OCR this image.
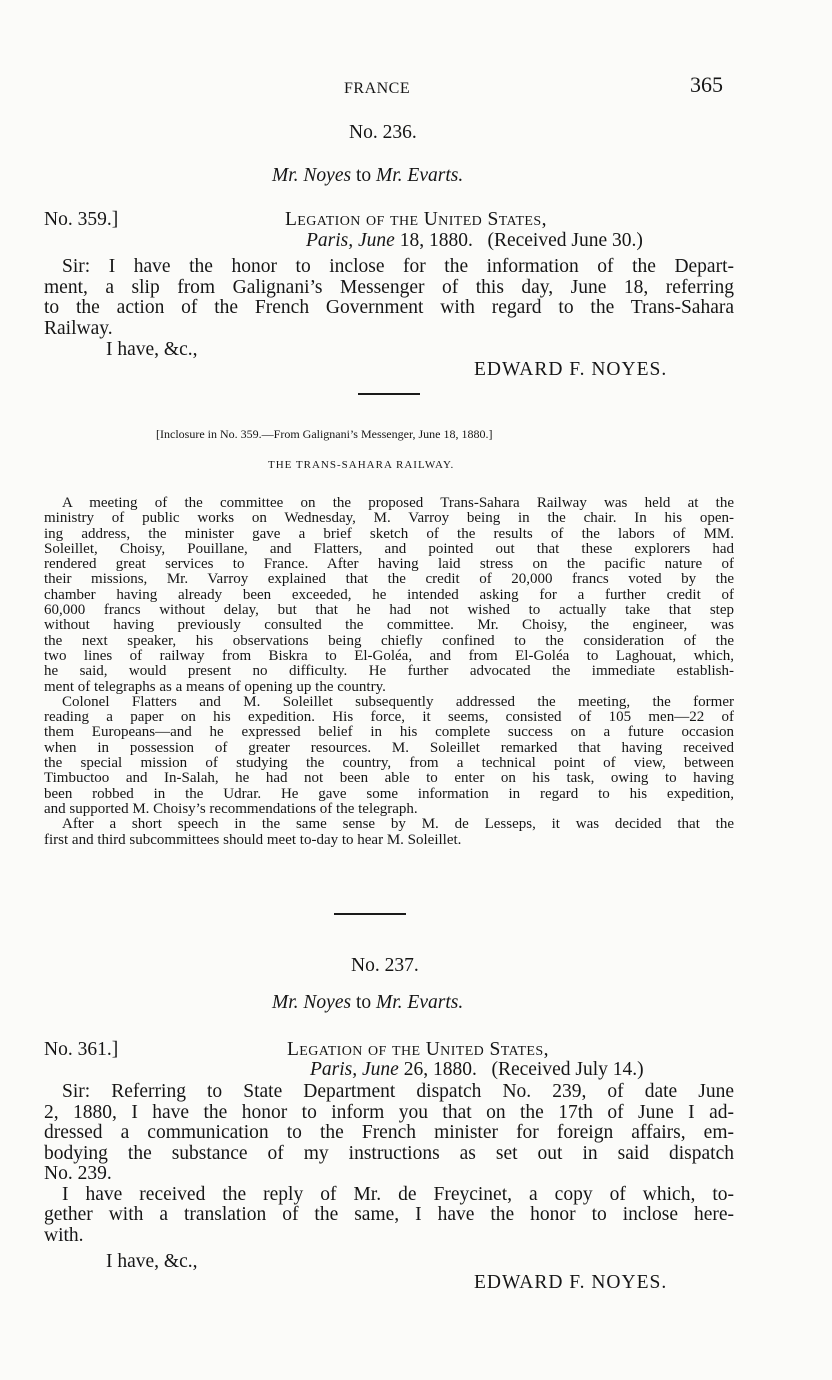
FRANCE	365
No. 236.
Mr. Noyes to Mr. Evarts.
No. 359.]	Legation of the United States,
Paris, June 18, 1880. (Received June 30.)
Sir: I have the honor to inclose for the information of the Depart-
ment, a slip from Galignani’s Messenger of this day, June 18, referring
to the action of the French Government with regard to the Trans-Sahara
Railway.
I have, &c.,
EDWARD F. NOYES.
[Inclosure in No. 359.—From Galignani’s Messenger, June 18, 1880.]
THE TRANS-SAHARA RAILWAY.
A meeting of the committee on the proposed Trans-Sahara Railway was held at the
ministry of public works on Wednesday, M. Varroy being in the chair. In his open-
ing address, the minister gave a brief sketch of the results of the labors of MM.
Soleillet, Choisy, Pouillane, and Flatters, and pointed out that these explorers had
rendered great services to France. After having laid stress on the pacific nature of
their missions, Mr. Varroy explained that the credit of 20,000 francs voted by the
chamber having already been exceeded, he intended asking for a further credit of
60,000 francs without delay, but that he had not wished to actually take that step
without having previously consulted the committee. Mr. Choisy, the engineer, was
the next speaker, his observations being chiefly confined to the consideration of the
two lines of railway from Biskra to El-Goléa, and from El-Goléa to Laghouat, which,
he said, would present no difficulty. He further advocated the immediate establish-
ment of telegraphs as a means of opening up the country.
Colonel Flatters and M. Soleillet subsequently addressed the meeting, the former
reading a paper on his expedition. His force, it seems, consisted of 105 men—22 of
them Europeans—and he expressed belief in his complete success on a future occasion
when in possession of greater resources. M. Soleillet remarked that having received
the special mission of studying the country, from a technical point of view, between
Timbuctoo and In-Salah, he had not been able to enter on his task, owing to having
been robbed in the Udrar. He gave some information in regard to his expedition,
and supported M. Choisy’s recommendations of the telegraph.
After a short speech in the same sense by M. de Lesseps, it was decided that the
first and third subcommittees should meet to-day to hear M. Soleillet.
No. 237.
Mr. Noyes to Mr. Evarts.
No. 361.]	Legation of the United States,
Paris, June 26, 1880. (Received July 14.)
Sir: Referring to State Department dispatch No. 239, of date June
2, 1880, I have the honor to inform you that on the 17th of June I ad-
dressed a communication to the French minister for foreign affairs, em-
bodying the substance of my instructions as set out in said dispatch
No. 239.
I have received the reply of Mr. de Freycinet, a copy of which, to-
gether with a translation of the same, I have the honor to inclose here-
with.
I have, &c.,
EDWARD F. NOYES.
